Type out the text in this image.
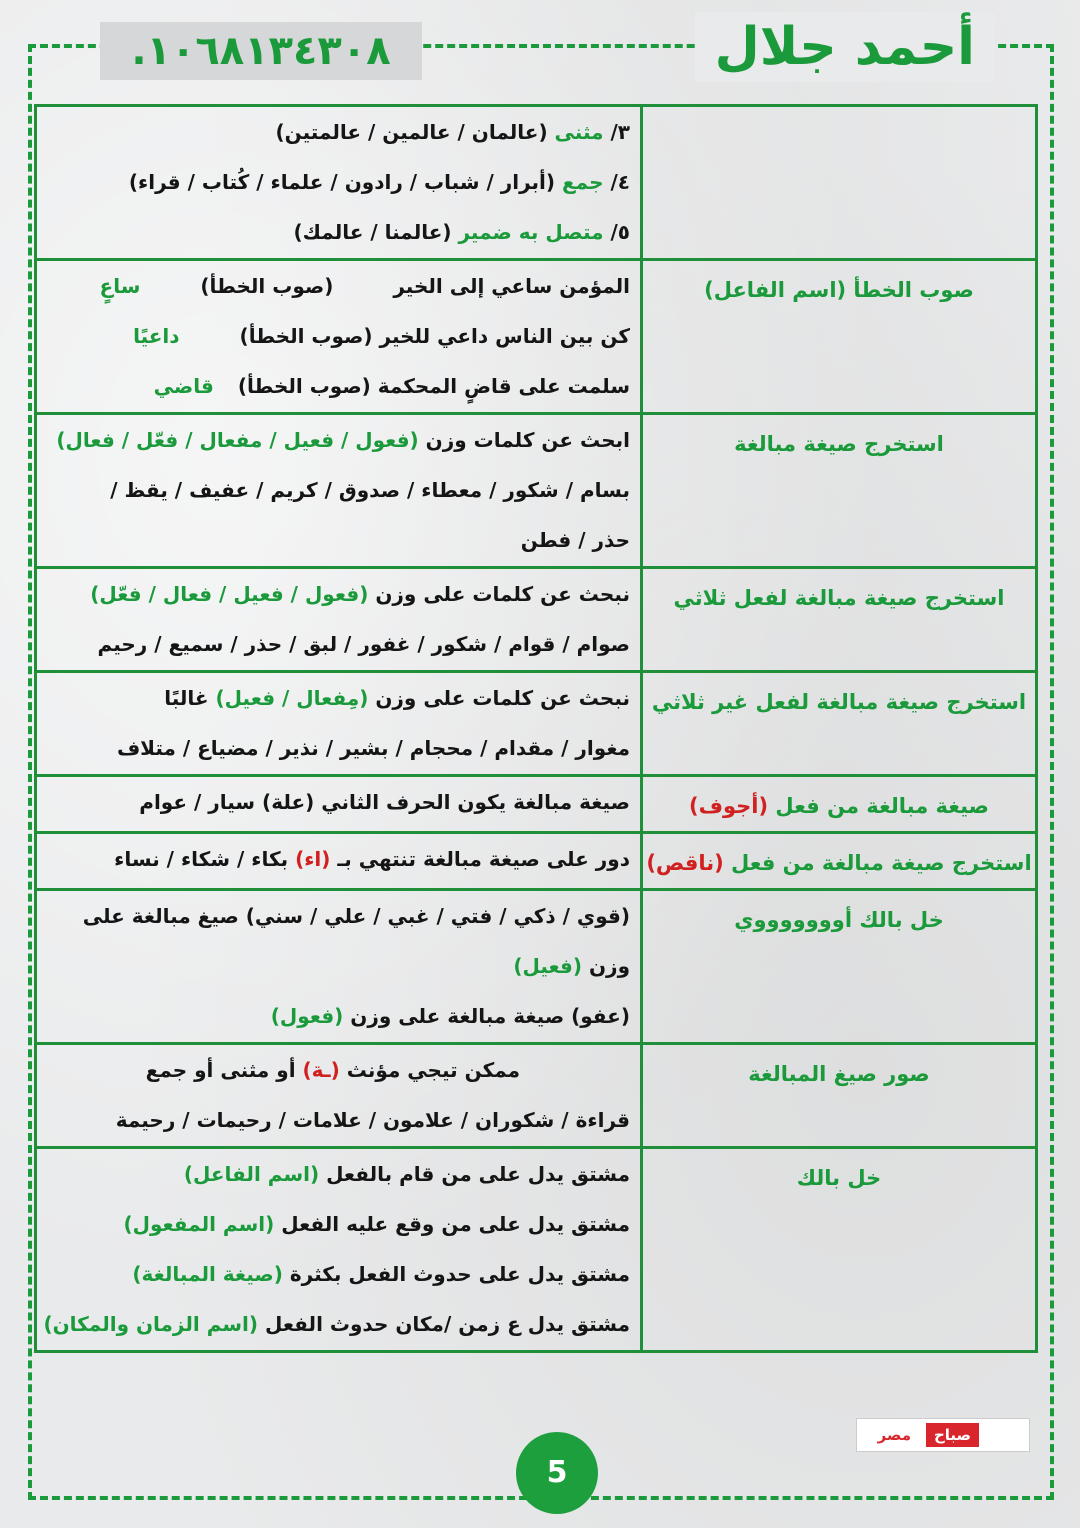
أحمد جلال
.١٠٦٨١٣٤٣٠٨

	٣/ مثنى (عالمان / عالمين / عالمتين)
٤/ جمع (أبرار / شباب / رادون / علماء / كُتاب / قراء)
٥/ متصل به ضمير (عالمنا / عالمك)

صوب الخطأ (اسم الفاعل)	المؤمن ساعي إلى الخير(صوب الخطأ)ساعٍ
كن بين الناس داعي للخير (صوب الخطأ)داعيًا
سلمت على قاضٍ المحكمة (صوب الخطأ)قاضي

استخرج صيغة مبالغة	ابحث عن كلمات وزن (فعول / فعيل / مفعال / فعّل / فعال)
بسام / شكور / معطاء / صدوق / كريم / عفيف / يقظ /
حذر / فطن

استخرج صيغة مبالغة لفعل ثلاثي	نبحث عن كلمات على وزن (فعول / فعيل / فعال / فعّل)
صوام / قوام / شكور / غفور / لبق / حذر / سميع / رحيم

استخرج صيغة مبالغة لفعل غير ثلاثي	نبحث عن كلمات على وزن (مِفعال / فعيل) غالبًا
مغوار / مقدام / محجام / بشير / نذير / مضياع / متلاف

صيغة مبالغة من فعل (أجوف)	صيغة مبالغة يكون الحرف الثاني (علة) سيار / عوام

استخرج صيغة مبالغة من فعل (ناقص)	دور على صيغة مبالغة تنتهي بـ (اء) بكاء / شكاء / نساء

خل بالك أوووووووي	(قوي / ذكي / فتي / غبي / علي / سني) صيغ مبالغة على وزن (فعيل)
(عفو) صيغة مبالغة على وزن (فعول)

صور صيغ المبالغة	ممكن تيجي مؤنث (ـة) أو مثنى أو جمع
قراءة / شكوران / علامون / علامات / رحيمات / رحيمة

خل بالك	مشتق يدل على من قام بالفعل (اسم الفاعل)
مشتق يدل على من وقع عليه الفعل (اسم المفعول)
مشتق يدل على حدوث الفعل بكثرة (صيغة المبالغة)
مشتق يدل ع زمن /مكان حدوث الفعل (اسم الزمان والمكان)
صباح
مصر
5
